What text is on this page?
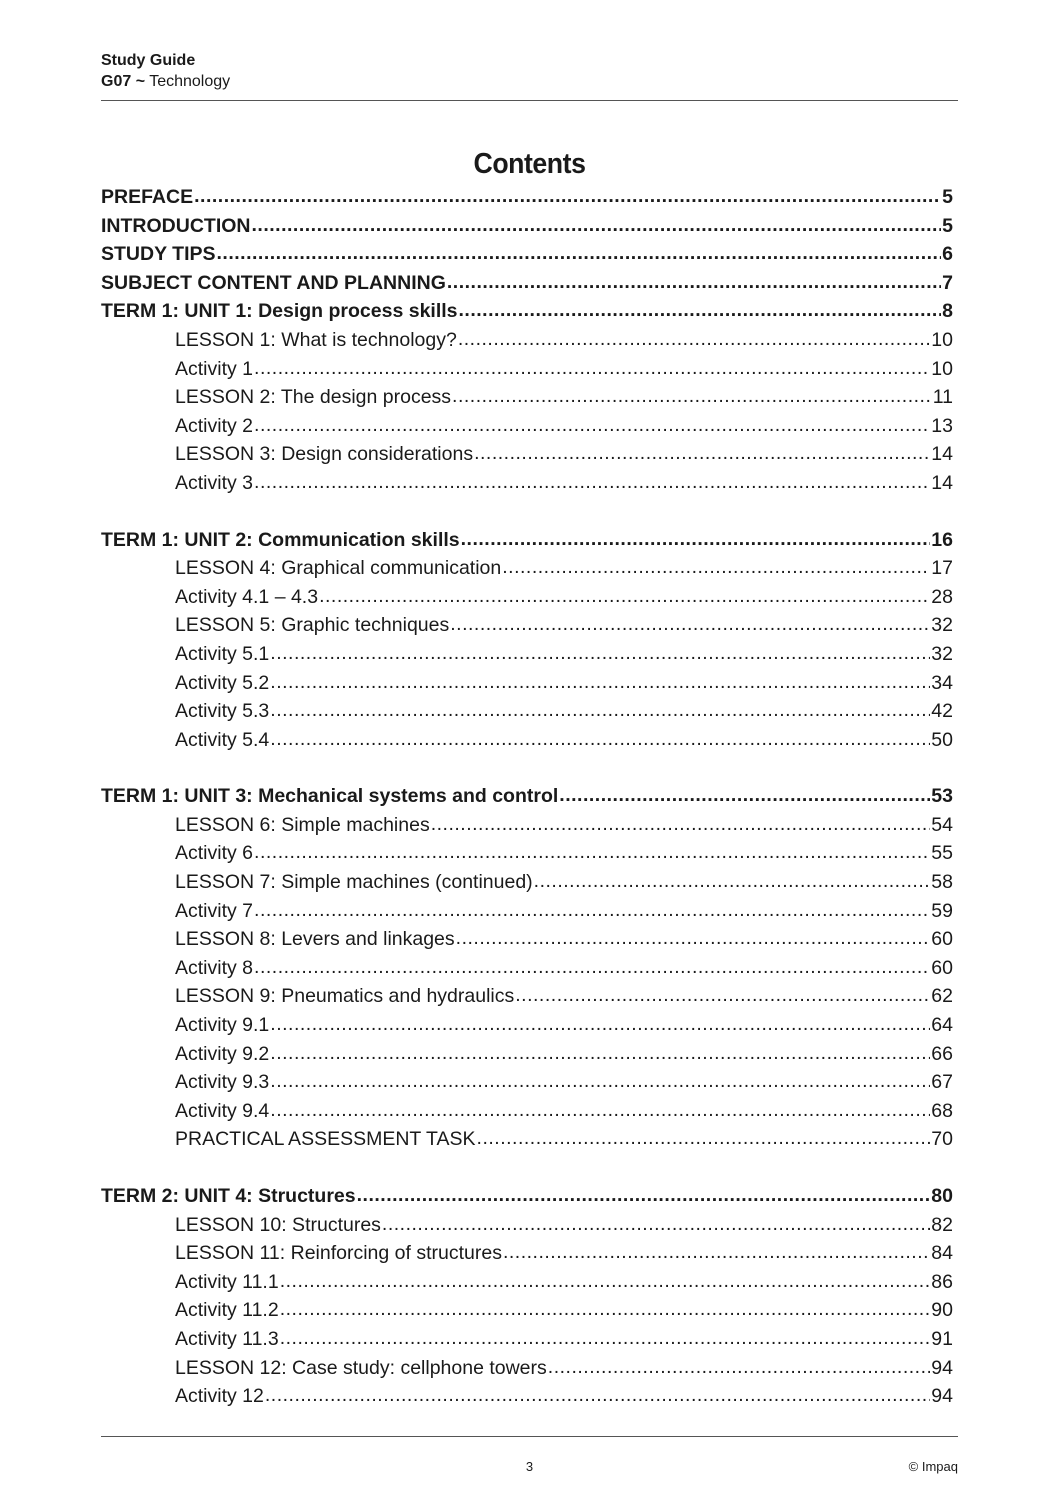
Study Guide
G07 ~ Technology
Contents
PREFACE .....	5
INTRODUCTION .....	5
STUDY TIPS .....	6
SUBJECT CONTENT AND PLANNING .....	7
TERM 1: UNIT 1: Design process skills .....	8
LESSON 1: What is technology? .....	10
Activity 1 .....	10
LESSON 2: The design process .....	11
Activity 2 .....	13
LESSON 3: Design considerations .....	14
Activity 3 .....	14
TERM 1: UNIT 2: Communication skills .....	16
LESSON 4: Graphical communication .....	17
Activity 4.1 – 4.3 .....	28
LESSON 5: Graphic techniques .....	32
Activity 5.1 .....	32
Activity 5.2 .....	34
Activity 5.3 .....	42
Activity 5.4 .....	50
TERM 1: UNIT 3: Mechanical systems and control .....	53
LESSON 6: Simple machines .....	54
Activity 6 .....	55
LESSON 7: Simple machines (continued) .....	58
Activity 7 .....	59
LESSON 8: Levers and linkages .....	60
Activity 8 .....	60
LESSON 9: Pneumatics and hydraulics .....	62
Activity 9.1 .....	64
Activity 9.2 .....	66
Activity 9.3 .....	67
Activity 9.4 .....	68
PRACTICAL ASSESSMENT TASK .....	70
TERM 2: UNIT 4: Structures .....	80
LESSON 10: Structures .....	82
LESSON 11: Reinforcing of structures .....	84
Activity 11.1 .....	86
Activity 11.2 .....	90
Activity 11.3 .....	91
LESSON 12: Case study: cellphone towers .....	94
Activity 12 .....	94
3	© Impaq
